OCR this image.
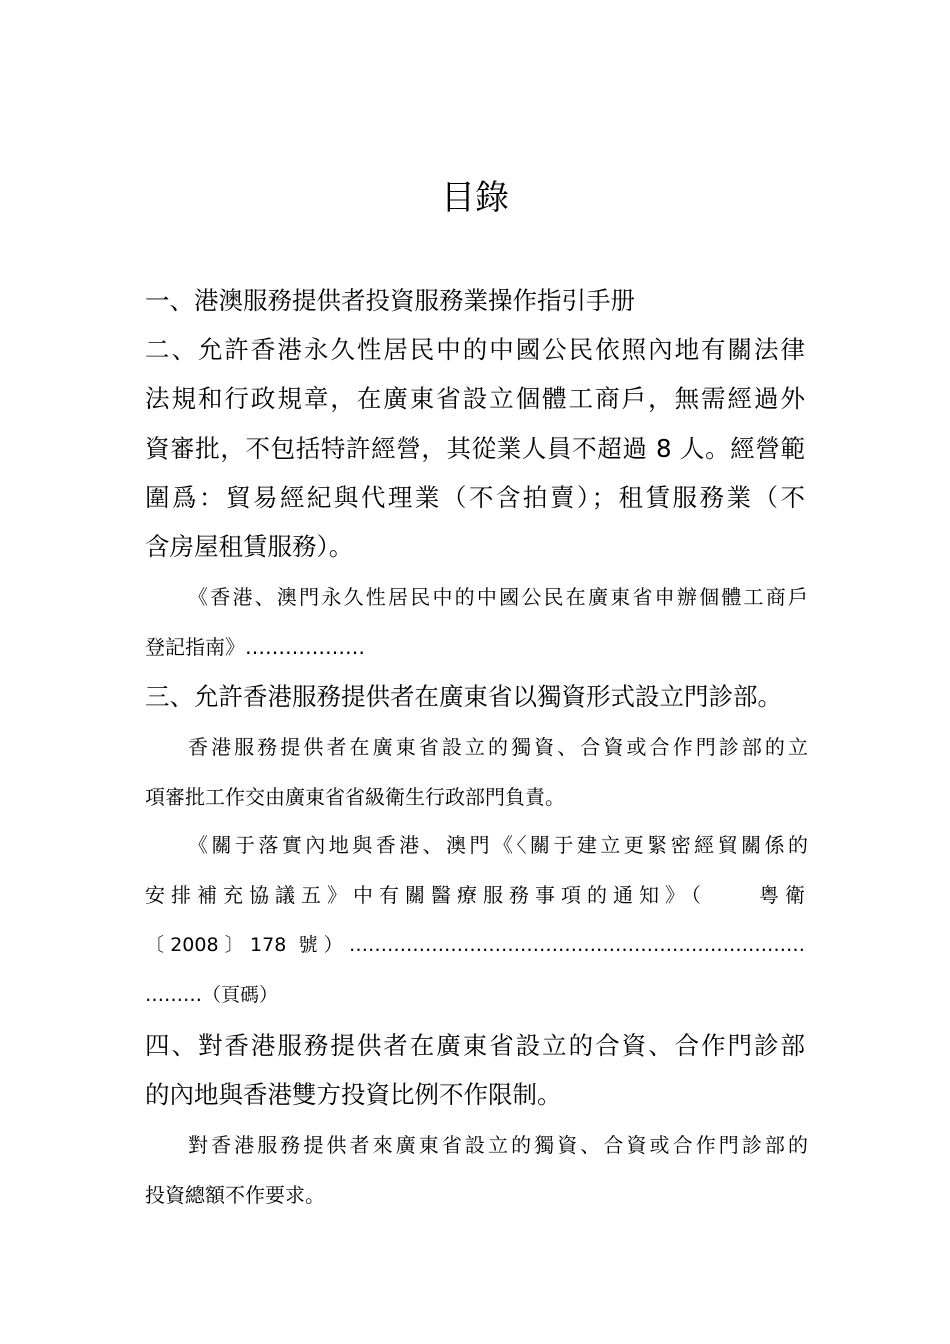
目錄
一、港澳服務提供者投資服務業操作指引手册
二、允許香港永久性居民中的中國公民依照內地有關法律
法規和行政規章，在廣東省設立個體工商戶，無需經過外
資審批，不包括特許經營，其從業人員不超過 8 人。經營範
圍爲：貿易經紀與代理業（不含拍賣）；租賃服務業（不
含房屋租賃服務）。
《香港、澳門永久性居民中的中國公民在廣東省申辦個體工商戶
登記指南》………………
三、允許香港服務提供者在廣東省以獨資形式設立門診部。
香港服務提供者在廣東省設立的獨資、合資或合作門診部的立
項審批工作交由廣東省省級衛生行政部門負責。
《關于落實內地與香港、澳門《〈關于建立更緊密經貿關係的
安排補充協議五》中有關醫療服務事項的通知》（　　粤衛
〔2008〕178 號）………………………………………………………………
………（頁碼）
四、對香港服務提供者在廣東省設立的合資、合作門診部
的內地與香港雙方投資比例不作限制。
對香港服務提供者來廣東省設立的獨資、合資或合作門診部的
投資總額不作要求。
